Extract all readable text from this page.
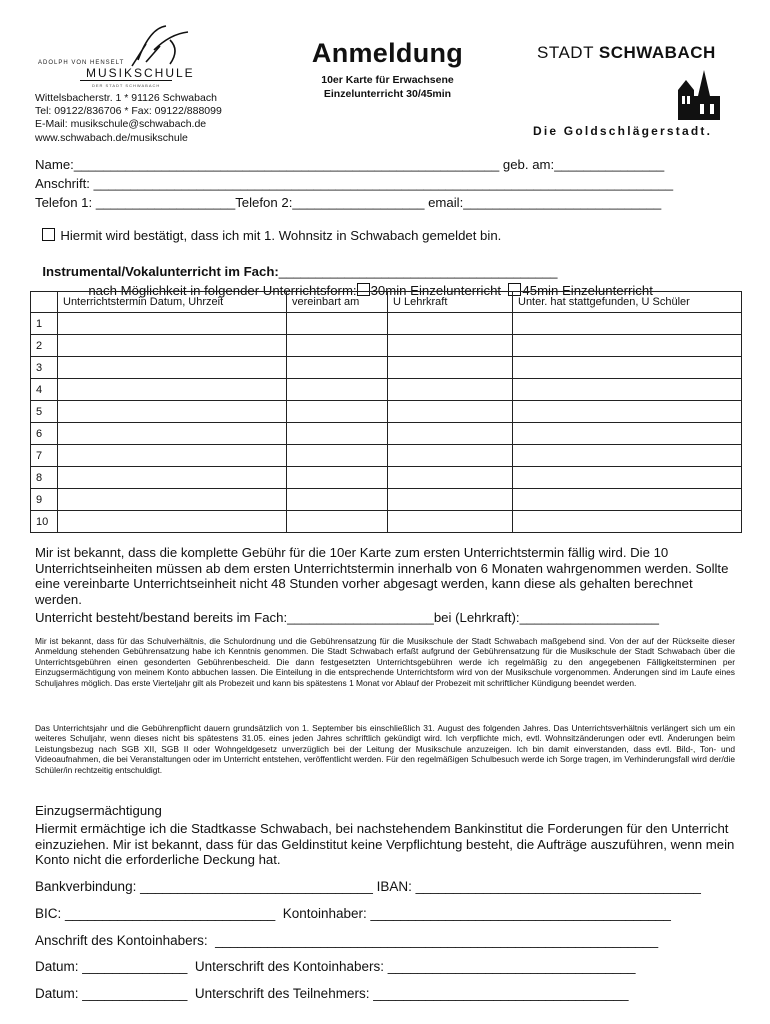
ADOLPH VON HENSELT
MUSIKSCHULE
DER STADT SCHWABACH
Wittelsbacherstr. 1 * 91126 Schwabach
Tel: 09122/836706 * Fax: 09122/888099
E-Mail: musikschule@schwabach.de
www.schwabach.de/musikschule
Anmeldung
10er Karte für Erwachsene
Einzelunterricht 30/45min
STADT SCHWABACH
Die Goldschlägerstadt.
Name:__________________________________________________________ geb. am:_______________
Anschrift: _______________________________________________________________________________
Telefon 1: ___________________Telefon 2:__________________ email:___________________________

Hiermit wird bestätigt, dass ich mit 1. Wohnsitz in Schwabach gemeldet bin.

Instrumental/Vokalunterricht im Fach:______________________________________

nach Möglichkeit in folgender Unterrichtsform: 30min Einzelunterricht 45min Einzelunterricht

	Unterrichtstermin Datum, Uhrzeit	vereinbart am	U Lehrkraft	Unter. hat stattgefunden, U Schüler
1				
2				
3				
4				
5				
6				
7				
8				
9				
10				
Mir ist bekannt, dass die komplette Gebühr für die 10er Karte zum ersten Unterrichtstermin fällig wird. Die 10 Unterrichtseinheiten müssen ab dem ersten Unterrichtstermin innerhalb von 6 Monaten wahrgenommen werden. Sollte eine vereinbarte Unterrichtseinheit nicht 48 Stunden vorher abgesagt werden, kann diese als gehalten berechnet werden.
Unterricht besteht/bestand bereits im Fach:____________________bei (Lehrkraft):___________________
Mir ist bekannt, dass für das Schulverhältnis, die Schulordnung und die Gebührensatzung für die Musikschule der Stadt Schwabach maßgebend sind. Von der auf der Rückseite dieser Anmeldung stehenden Gebührensatzung habe ich Kenntnis genommen. Die Stadt Schwabach erfaßt aufgrund der Gebührensatzung für die Musikschule der Stadt Schwabach über die Unterrichtsgebühren einen gesonderten Gebührenbescheid. Die dann festgesetzten Unterrichtsgebühren werde ich regelmäßig zu den angegebenen Fälligkeitsterminen per Einzugsermächtigung von meinem Konto abbuchen lassen. Die Einteilung in die entsprechende Unterrichtsform wird von der Musikschule vorgenommen. Änderungen sind im Laufe eines Schuljahres möglich. Das erste Vierteljahr gilt als Probezeit und kann bis spätestens 1 Monat vor Ablauf der Probezeit mit schriftlicher Kündigung beendet werden.
Das Unterrichtsjahr und die Gebührenpflicht dauern grundsätzlich von 1. September bis einschließlich 31. August des folgenden Jahres. Das Unterrichtsverhältnis verlängert sich um ein weiteres Schuljahr, wenn dieses nicht bis spätestens 31.05. eines jeden Jahres schriftlich gekündigt wird. Ich verpflichte mich, evtl. Wohnsitzänderungen oder evtl. Änderungen beim Leistungsbezug nach SGB XII, SGB II oder Wohngeldgesetz unverzüglich bei der Leitung der Musikschule anzuzeigen. Ich bin damit einverstanden, dass evtl. Bild-, Ton- und Videoaufnahmen, die bei Veranstaltungen oder im Unterricht entstehen, veröffentlicht werden. Für den regelmäßigen Schulbesuch werde ich Sorge tragen, im Verhinderungsfall wird der/die Schüler/in rechtzeitig entschuldigt.
Einzugsermächtigung
Hiermit ermächtige ich die Stadtkasse Schwabach, bei nachstehendem Bankinstitut die Forderungen für den Unterricht einzuziehen. Mir ist bekannt, dass für das Geldinstitut keine Verpflichtung besteht, die Aufträge auszuführen, wenn mein Konto nicht die erforderliche Deckung hat.
Bankverbindung: _______________________________ IBAN: ______________________________________
BIC: ____________________________  Kontoinhaber: ________________________________________
Anschrift des Kontoinhabers:  ___________________________________________________________
Datum: ______________  Unterschrift des Kontoinhabers: _________________________________
Datum: ______________  Unterschrift des Teilnehmers: __________________________________
